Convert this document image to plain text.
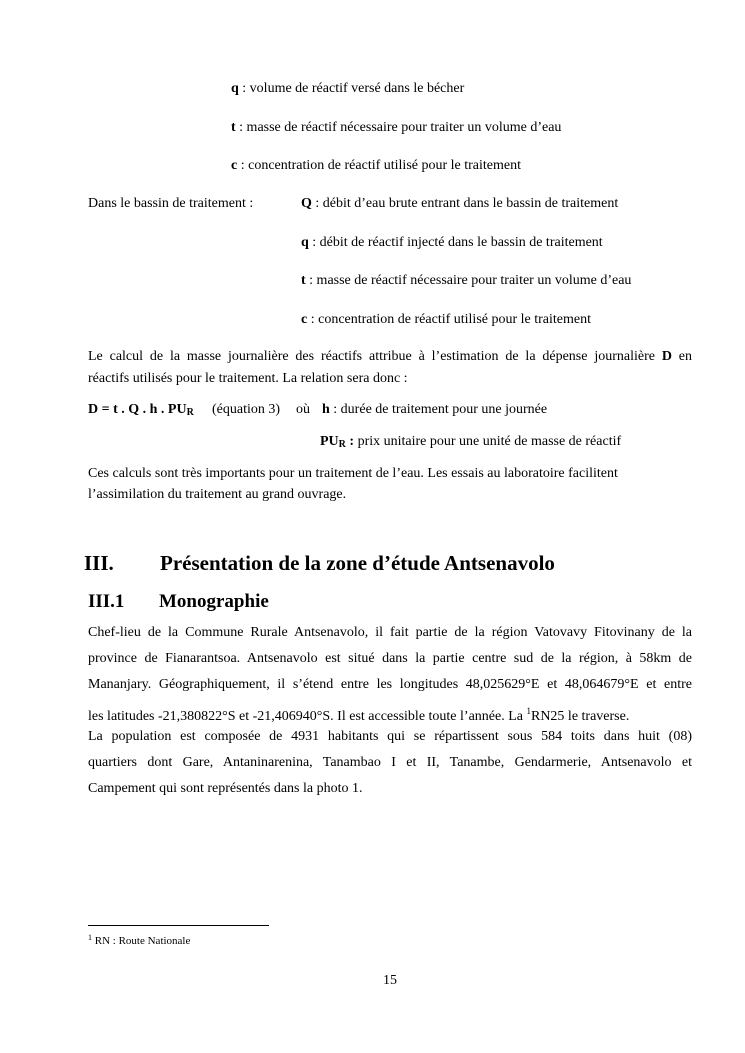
q : volume de réactif versé dans le bécher
t : masse de réactif nécessaire pour traiter un volume d’eau
c : concentration de réactif utilisé pour le traitement
Dans le bassin de traitement :	Q : débit d’eau brute entrant dans le bassin de traitement
q : débit de réactif injecté dans le bassin de traitement
t : masse de réactif nécessaire pour traiter un volume d’eau
c : concentration de réactif utilisé pour le traitement
Le calcul de la masse journalière des réactifs attribue à l’estimation de la dépense journalière D en
réactifs utilisés pour le traitement. La relation sera donc :
D = t . Q . h . $PU_R$ (équation 3) où h : durée de traitement pour une journée
$PU_R$ : prix unitaire pour une unité de masse de réactif
Ces calculs sont très importants pour un traitement de l’eau. Les essais au laboratoire facilitent
l’assimilation du traitement au grand ouvrage.
III. Présentation de la zone d’étude Antsenavolo
III.1 Monographie
Chef-lieu de la Commune Rurale Antsenavolo, il fait partie de la région Vatovavy Fitovinany de la
province de Fianarantsoa. Antsenavolo est situé dans la partie centre sud de la région, à 58km de
Mananjary. Géographiquement, il s’étend entre les longitudes 48,025629°E et 48,064679°E et entre
les latitudes -21,380822°S et -21,406940°S. Il est accessible toute l’année. La $^1$RN25 le traverse.
La population est composée de 4931 habitants qui se répartissent sous 584 toits dans huit (08)
quartiers dont Gare, Antaninarenina, Tanambao I et II, Tanambe, Gendarmerie, Antsenavolo et
Campement qui sont représentés dans la photo 1.
$^1$ RN : Route Nationale
15
